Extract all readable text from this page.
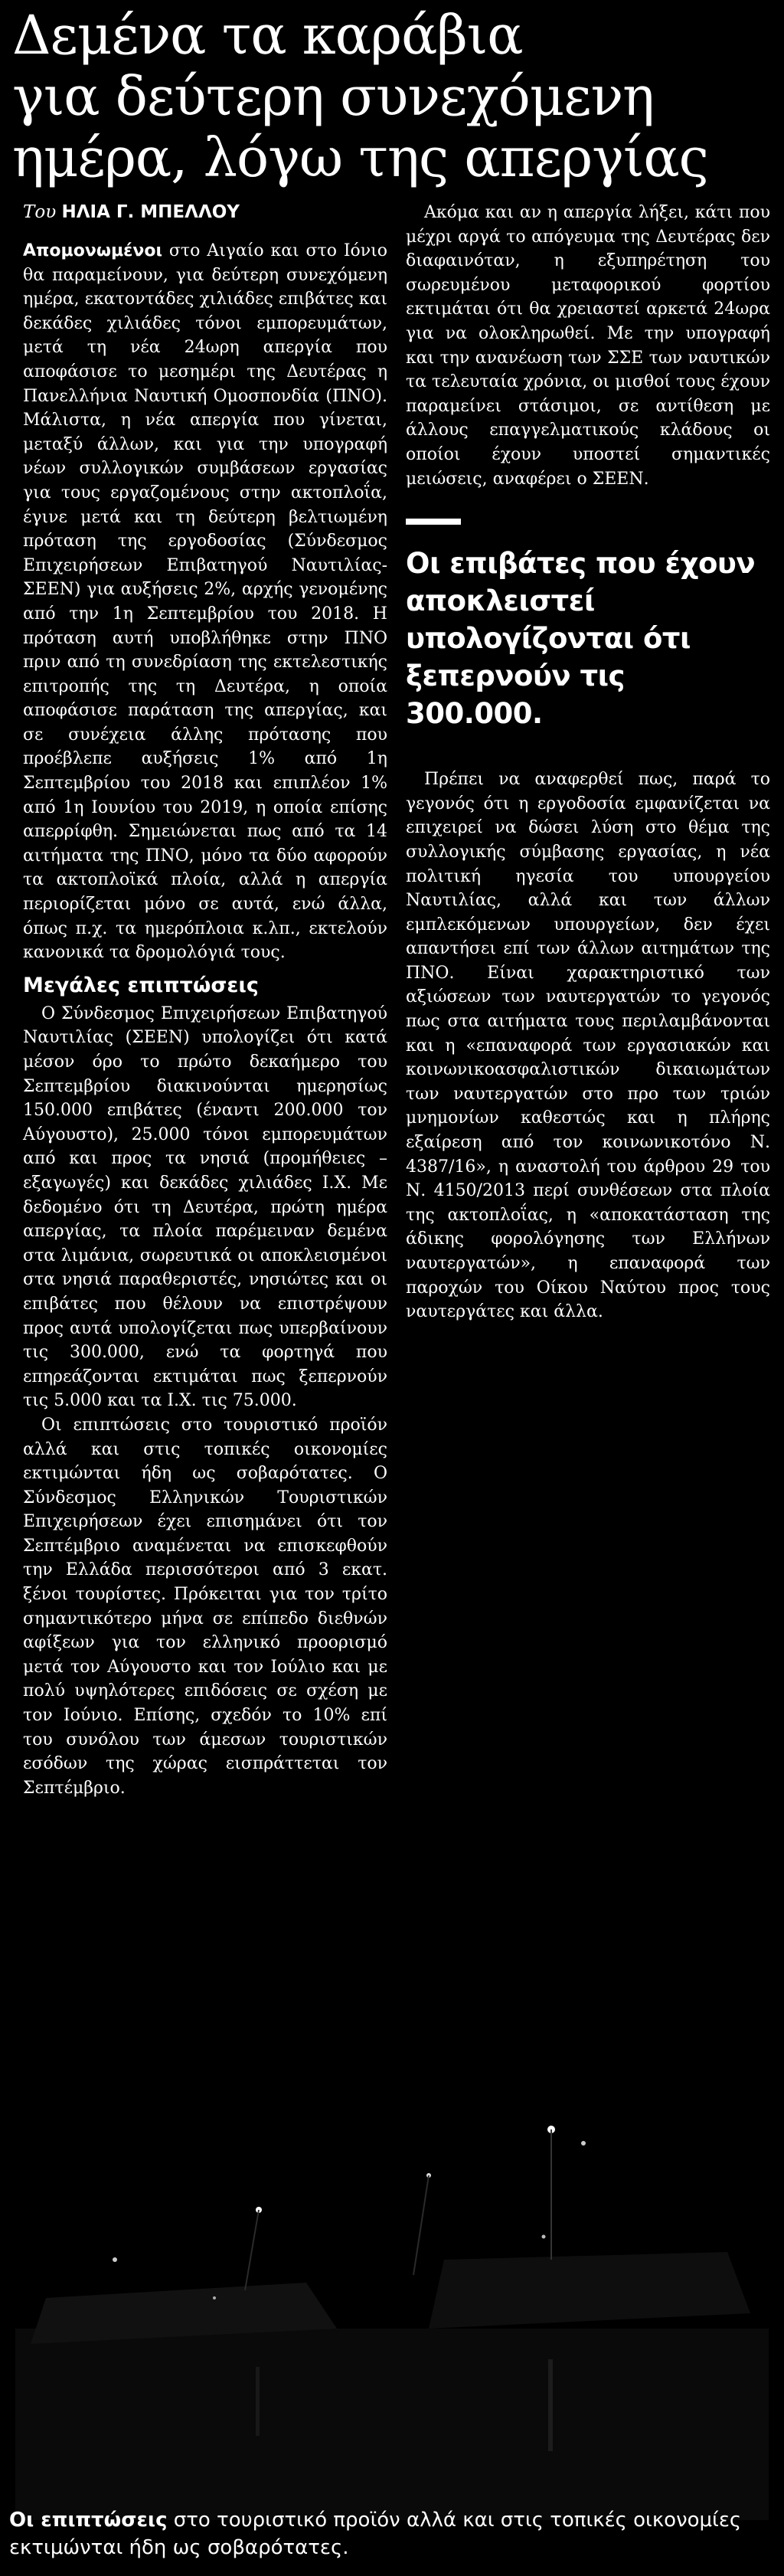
Δεμένα τα καράβια
για δεύτερη συνεχόμενη
ημέρα, λόγω της απεργίας
Του ΗΛΙΑ Γ. ΜΠΕΛΛΟΥ

Απομονωμένοι στο Αιγαίο και στο Ιόνιο θα παραμείνουν, για δεύτερη συνεχόμενη ημέρα, εκατοντάδες χιλιάδες επιβάτες και δεκάδες χιλιάδες τόνοι εμπορευμάτων, μετά τη νέα 24ωρη απεργία που αποφάσισε το μεσημέρι της Δευτέρας η Πανελλήνια Ναυτική Ομοσπονδία (ΠΝΟ). Μάλιστα, η νέα απεργία που γίνεται, μεταξύ άλλων, και για την υπογραφή νέων συλλογικών συμβάσεων εργασίας για τους εργαζομένους στην ακτοπλοΐα, έγινε μετά και τη δεύτερη βελτιωμένη πρόταση της εργοδοσίας (Σύνδεσμος Επιχειρήσεων Επιβατηγού Ναυτιλίας-ΣΕΕΝ) για αυξήσεις 2%, αρχής γενομένης από την 1η Σεπτεμβρίου του 2018. Η πρόταση αυτή υποβλήθηκε στην ΠΝΟ πριν από τη συνεδρίαση της εκτελεστικής επιτροπής της τη Δευτέρα, η οποία αποφάσισε παράταση της απεργίας, και σε συνέχεια άλλης πρότασης που προέβλεπε αυξήσεις 1% από 1η Σεπτεμβρίου του 2018 και επιπλέον 1% από 1η Ιουνίου του 2019, η οποία επίσης απερρίφθη. Σημειώνεται πως από τα 14 αιτήματα της ΠΝΟ, μόνο τα δύο αφορούν τα ακτοπλοϊκά πλοία, αλλά η απεργία περιορίζεται μόνο σε αυτά, ενώ άλλα, όπως π.χ. τα ημερόπλοια κ.λπ., εκτελούν κανονικά τα δρομολόγιά τους.

Μεγάλες επιπτώσεις

Ο Σύνδεσμος Επιχειρήσεων Επιβατηγού Ναυτιλίας (ΣΕΕΝ) υπολογίζει ότι κατά μέσον όρο το πρώτο δεκαήμερο του Σεπτεμβρίου διακινούνται ημερησίως 150.000 επιβάτες (έναντι 200.000 τον Αύγουστο), 25.000 τόνοι εμπορευμάτων από και προς τα νησιά (προμήθειες – εξαγωγές) και δεκάδες χιλιάδες Ι.Χ. Με δεδομένο ότι τη Δευτέρα, πρώτη ημέρα απεργίας, τα πλοία παρέμειναν δεμένα στα λιμάνια, σωρευτικά οι αποκλεισμένοι στα νησιά παραθεριστές, νησιώτες και οι επιβάτες που θέλουν να επιστρέψουν προς αυτά υπολογίζεται πως υπερβαίνουν τις 300.000, ενώ τα φορτηγά που επηρεάζονται εκτιμάται πως ξεπερνούν τις 5.000 και τα Ι.Χ. τις 75.000.

Οι επιπτώσεις στο τουριστικό προϊόν αλλά και στις τοπικές οικονομίες εκτιμώνται ήδη ως σοβαρότατες. Ο Σύνδεσμος Ελληνικών Τουριστικών Επιχειρήσεων έχει επισημάνει ότι τον Σεπτέμβριο αναμένεται να επισκεφθούν την Ελλάδα περισσότεροι από 3 εκατ. ξένοι τουρίστες. Πρόκειται για τον τρίτο σημαντικότερο μήνα σε επίπεδο διεθνών αφίξεων για τον ελληνικό προορισμό μετά τον Αύγουστο και τον Ιούλιο και με πολύ υψηλότερες επιδόσεις σε σχέση με τον Ιούνιο. Επίσης, σχεδόν το 10% επί του συνόλου των άμεσων τουριστικών εσόδων της χώρας εισπράττεται τον Σεπτέμβριο.

Ακόμα και αν η απεργία λήξει, κάτι που μέχρι αργά το απόγευμα της Δευτέρας δεν διαφαινόταν, η εξυπηρέτηση του σωρευμένου μεταφορικού φορτίου εκτιμάται ότι θα χρειαστεί αρκετά 24ωρα για να ολοκληρωθεί. Με την υπογραφή και την ανανέωση των ΣΣΕ των ναυτικών τα τελευταία χρόνια, οι μισθοί τους έχουν παραμείνει στάσιμοι, σε αντίθεση με άλλους επαγγελματικούς κλάδους οι οποίοι έχουν υποστεί σημαντικές μειώσεις, αναφέρει ο ΣΕΕΝ.

Οι επιβάτες που έχουν αποκλειστεί υπολογίζονται ότι ξεπερνούν τις 300.000.

Πρέπει να αναφερθεί πως, παρά το γεγονός ότι η εργοδοσία εμφανίζεται να επιχειρεί να δώσει λύση στο θέμα της συλλογικής σύμβασης εργασίας, η νέα πολιτική ηγεσία του υπουργείου Ναυτιλίας, αλλά και των άλλων εμπλεκόμενων υπουργείων, δεν έχει απαντήσει επί των άλλων αιτημάτων της ΠΝΟ. Είναι χαρακτηριστικό των αξιώσεων των ναυτεργατών το γεγονός πως στα αιτήματα τους περιλαμβάνονται και η «επαναφορά των εργασιακών και κοινωνικοασφαλιστικών δικαιωμάτων των ναυτεργατών στο προ των τριών μνημονίων καθεστώς και η πλήρης εξαίρεση από τον κοινωνικοτόνο Ν. 4387/16», η αναστολή του άρθρου 29 του Ν. 4150/2013 περί συνθέσεων στα πλοία της ακτοπλοΐας, η «αποκατάσταση της άδικης φορολόγησης των Ελλήνων ναυτεργατών», η επαναφορά των παροχών του Οίκου Ναύτου προς τους ναυτεργάτες και άλλα.

Οι επιπτώσεις στο τουριστικό προϊόν αλλά και στις τοπικές οικονομίες εκτιμώνται ήδη ως σοβαρότατες.
